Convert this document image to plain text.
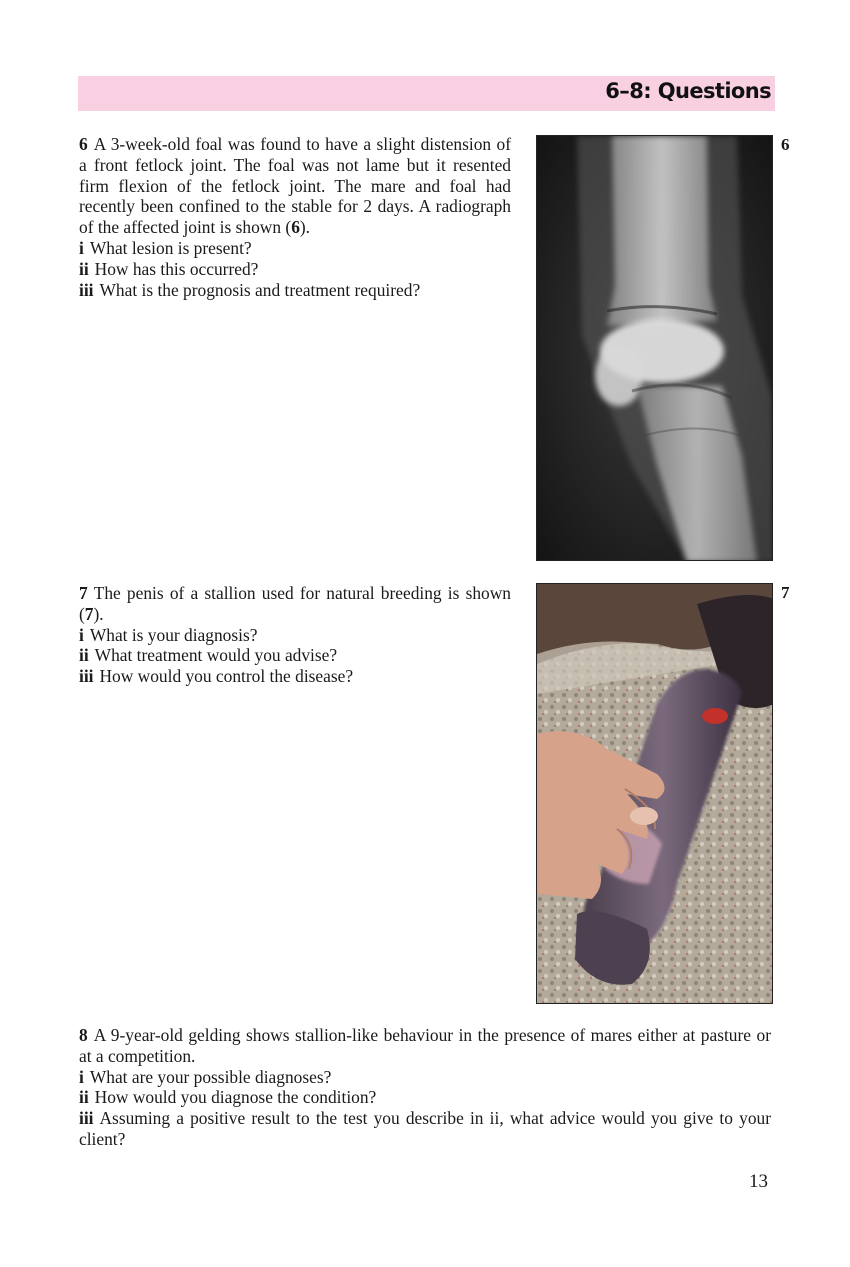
6–8: Questions

6 A 3-week-old foal was found to have a slight distension of a front fetlock joint. The foal was not lame but it resented firm flexion of the fetlock joint. The mare and foal had recently been confined to the stable for 2 days. A radiograph of the affected joint is shown (6).

i What lesion is present?

ii How has this occurred?

iii What is the prognosis and treatment required?

6

7 The penis of a stallion used for natural breeding is shown (7).

i What is your diagnosis?

ii What treatment would you advise?

iii How would you control the disease?

7

8 A 9-year-old gelding shows stallion-like behaviour in the presence of mares either at pasture or at a competition.

i What are your possible diagnoses?

ii How would you diagnose the condition?

iii Assuming a positive result to the test you describe in ii, what advice would you give to your client?

13
